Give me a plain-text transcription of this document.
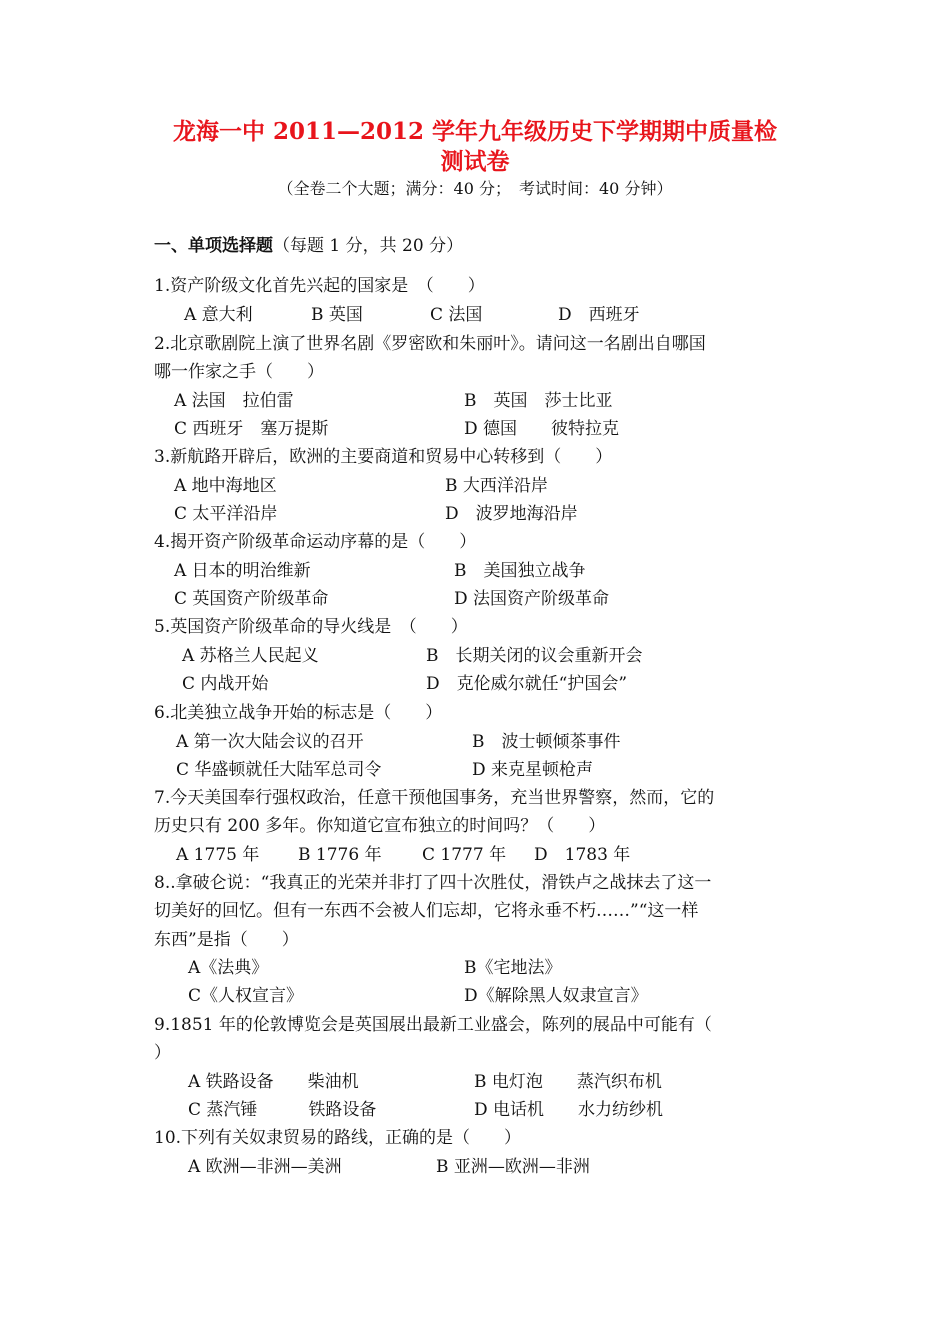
龙海一中 2011—2012 学年九年级历史下学期期中质量检
测试卷
（全卷二个大题；满分：40 分；　考试时间：40 分钟）
一、单项选择题（每题 1 分，共 20 分）
1.资产阶级文化首先兴起的国家是　（　　）
A 意大利	B 英国	C 法国	D　西班牙
2.北京歌剧院上演了世界名剧《罗密欧和朱丽叶》。请问这一名剧出自哪国
哪一作家之手（　　）
A 法国　拉伯雷	B　英国　莎士比亚
C 西班牙　塞万提斯	D 德国　　彼特拉克
3.新航路开辟后，欧洲的主要商道和贸易中心转移到（　　）
A 地中海地区	B 大西洋沿岸
C 太平洋沿岸	D　波罗地海沿岸
4.揭开资产阶级革命运动序幕的是（　　）
A 日本的明治维新	B　美国独立战争
C 英国资产阶级革命	D 法国资产阶级革命
5.英国资产阶级革命的导火线是　（　　）
A 苏格兰人民起义	B　长期关闭的议会重新开会
C 内战开始	D　克伦威尔就任“护国会”
6.北美独立战争开始的标志是（　　）
A 第一次大陆会议的召开	B　波士顿倾茶事件
C 华盛顿就任大陆军总司令	D 来克星顿枪声
7.今天美国奉行强权政治，任意干预他国事务，充当世界警察，然而，它的
历史只有 200 多年。你知道它宣布独立的时间吗？（　　）
A 1775 年 B 1776 年 C 1777 年 D　1783 年
8..拿破仑说：“我真正的光荣并非打了四十次胜仗，滑铁卢之战抹去了这一
切美好的回忆。但有一东西不会被人们忘却，它将永垂不朽……”“这一样
东西”是指（　　）
A《法典》	B《宅地法》
C《人权宣言》	D《解除黑人奴隶宣言》
9.1851 年的伦敦博览会是英国展出最新工业盛会，陈列的展品中可能有（
）
A 铁路设备　　柴油机	B 电灯泡　　蒸汽织布机
C 蒸汽锤　　　铁路设备	D 电话机　　水力纺纱机
10.下列有关奴隶贸易的路线，正确的是（　　）
A 欧洲—非洲—美洲	B 亚洲—欧洲—非洲
